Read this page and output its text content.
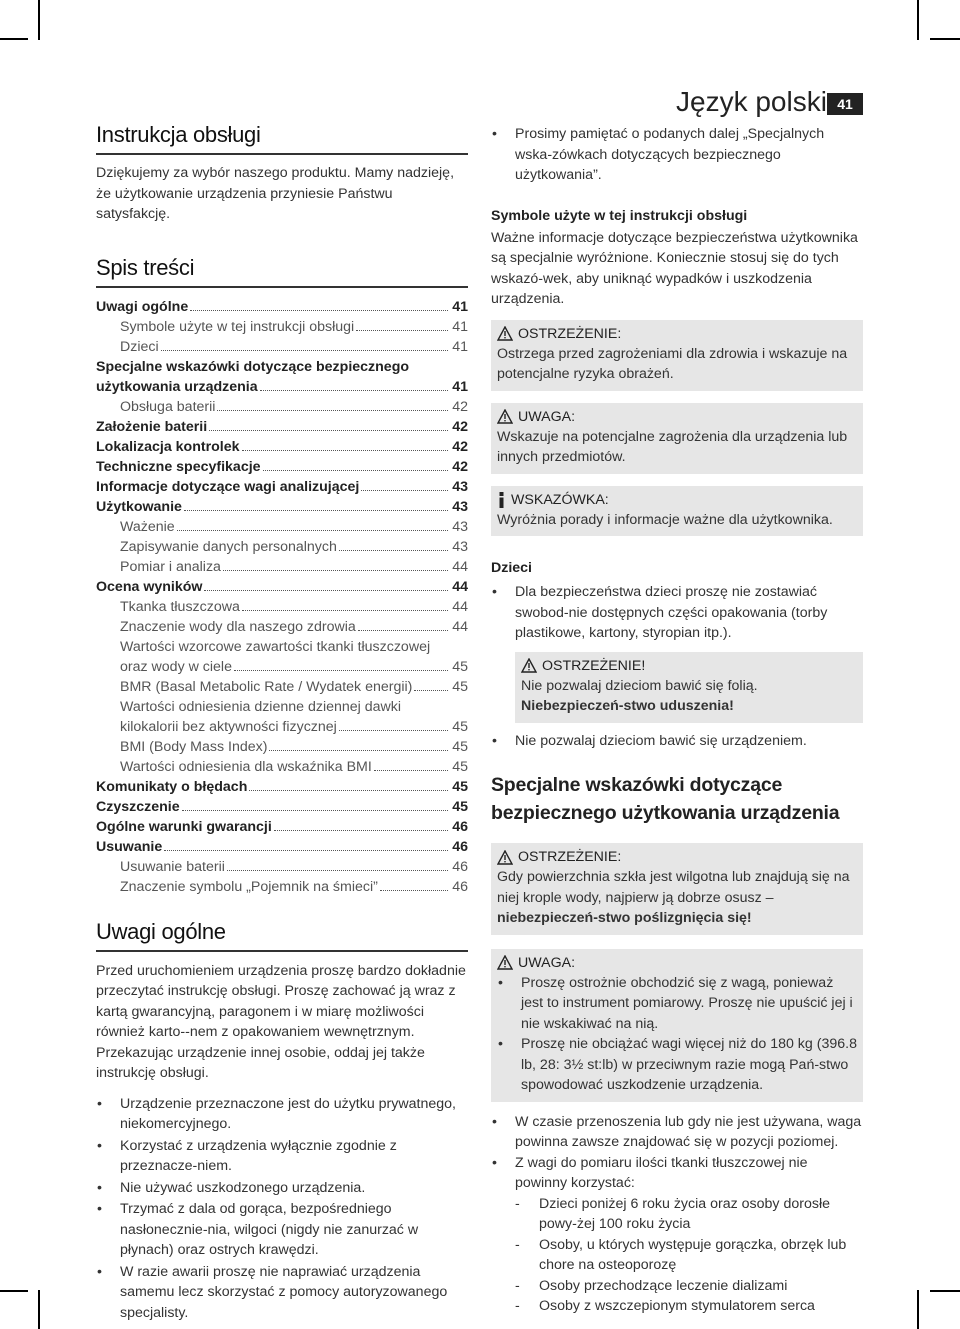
Język polski 41
Instrukcja obsługi

Dziękujemy za wybór naszego produktu. Mamy nadzieję, że użytkowanie urządzenia przyniesie Państwu satysfakcję.

Spis treści
Uwagi ogólne	41
Symbole użyte w tej instrukcji obsługi	41
Dzieci	41
Specjalne wskazówki dotyczące bezpiecznego
użytkowania urządzenia	41
Obsługa baterii	42
Założenie baterii	42
Lokalizacja kontrolek	42
Techniczne specyfikacje	42
Informacje dotyczące wagi analizującej	43
Użytkowanie	43
Ważenie	43
Zapisywanie danych personalnych	43
Pomiar i analiza	44
Ocena wyników	44
Tkanka tłuszczowa	44
Znaczenie wody dla naszego zdrowia	44
Wartości wzorcowe zawartości tkanki tłuszczowej
oraz wody w ciele	45
BMR (Basal Metabolic Rate / Wydatek energii)	45
Wartości odniesienia dzienne dziennej dawki
kilokalorii bez aktywności fizycznej	45
BMI (Body Mass Index)	45
Wartości odniesienia dla wskaźnika BMI	45
Komunikaty o błędach	45
Czyszczenie	45
Ogólne warunki gwarancji	46
Usuwanie	46
Usuwanie baterii	46
Znaczenie symbolu „Pojemnik na śmieci”	46
Uwagi ogólne

Przed uruchomieniem urządzenia proszę bardzo dokładnie przeczytać instrukcję obsługi. Proszę zachować ją wraz z kartą gwarancyjną, paragonem i w miarę możliwości również karto--nem z opakowaniem wewnętrznym. Przekazując urządzenie innej osobie, oddaj jej także instrukcję obsługi.

• Urządzenie przeznaczone jest do użytku prywatnego, niekomercyjnego.
• Korzystać z urządzenia wyłącznie zgodnie z przeznacze-niem.
• Nie używać uszkodzonego urządzenia.
• Trzymać z dala od gorąca, bezpośredniego nasłonecznie-nia, wilgoci (nigdy nie zanurzać w płynach) oraz ostrych krawędzi.
• W razie awarii proszę nie naprawiać urządzenia samemu lecz skorzystać z pomocy autoryzowanego specjalisty.
• Prosimy pamiętać o podanych dalej „Specjalnych wska-zówkach dotyczących bezpiecznego użytkowania”.
Symbole użyte w tej instrukcji obsługi

Ważne informacje dotyczące bezpieczeństwa użytkownika są specjalnie wyróżnione. Koniecznie stosuj się do tych wskazó-wek, aby uniknąć wypadków i uszkodzenia urządzenia.

OSTRZEŻENIE:

Ostrzega przed zagrożeniami dla zdrowia i wskazuje na potencjalne ryzyka obrażeń.

UWAGA:

Wskazuje na potencjalne zagrożenia dla urządzenia lub innych przedmiotów.

WSKAZÓWKA:

Wyróżnia porady i informacje ważne dla użytkownika.

Dzieci
• Dla bezpieczeństwa dzieci proszę nie zostawiać swobod-nie dostępnych części opakowania (torby plastikowe, kartony, styropian itp.).
OSTRZEŻENIE!

Nie pozwalaj dzieciom bawić się folią. Niebezpieczeń-stwo uduszenia!

• Nie pozwalaj dzieciom bawić się urządzeniem.
Specjalne wskazówki dotyczące bezpiecznego użytkowania urządzenia
OSTRZEŻENIE:

Gdy powierzchnia szkła jest wilgotna lub znajdują się na niej krople wody, najpierw ją dobrze osusz – niebezpieczeń-stwo poślizgnięcia się!

UWAGA:
• Proszę ostrożnie obchodzić się z wagą, ponieważ jest to instrument pomiarowy. Proszę nie upuścić jej i nie wskakiwać na nią.
• Proszę nie obciążać wagi więcej niż do 180 kg (396.8 lb, 28: 3½ st:lb) w przeciwnym razie mogą Pań-stwo spowodować uszkodzenie urządzenia.
• W czasie przenoszenia lub gdy nie jest używana, waga powinna zawsze znajdować się w pozycji poziomej.
• Z wagi do pomiaru ilości tkanki tłuszczowej nie powinny korzystać:
- Dzieci poniżej 6 roku życia oraz osoby dorosłe powy-żej 100 roku życia
- Osoby, u których występuje gorączka, obrzęk lub chore na osteoporozę
- Osoby przechodzące leczenie dializami
- Osoby z wszczepionym stymulatorem serca
